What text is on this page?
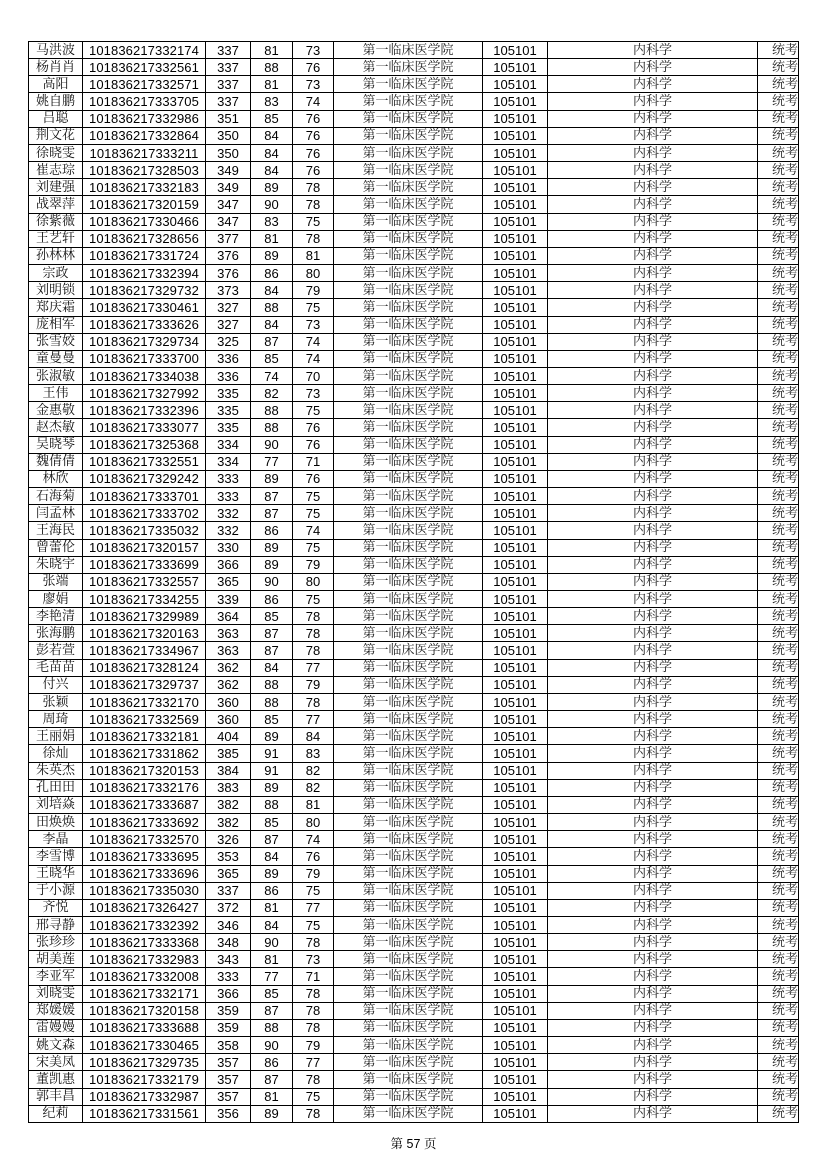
马洪波	101836217332174	337	81	73	第一临床医学院	105101	内科学	统考
杨肖肖	101836217332561	337	88	76	第一临床医学院	105101	内科学	统考
高阳	101836217332571	337	81	73	第一临床医学院	105101	内科学	统考
姚自鹏	101836217333705	337	83	74	第一临床医学院	105101	内科学	统考
吕聪	101836217332986	351	85	76	第一临床医学院	105101	内科学	统考
荆文花	101836217332864	350	84	76	第一临床医学院	105101	内科学	统考
徐晓雯	101836217333211	350	84	76	第一临床医学院	105101	内科学	统考
崔志琮	101836217328503	349	84	76	第一临床医学院	105101	内科学	统考
刘建强	101836217332183	349	89	78	第一临床医学院	105101	内科学	统考
战翠萍	101836217320159	347	90	78	第一临床医学院	105101	内科学	统考
徐紫薇	101836217330466	347	83	75	第一临床医学院	105101	内科学	统考
王艺轩	101836217328656	377	81	78	第一临床医学院	105101	内科学	统考
孙林林	101836217331724	376	89	81	第一临床医学院	105101	内科学	统考
宗政	101836217332394	376	86	80	第一临床医学院	105101	内科学	统考
刘明锁	101836217329732	373	84	79	第一临床医学院	105101	内科学	统考
郑庆霜	101836217330461	327	88	75	第一临床医学院	105101	内科学	统考
庞相军	101836217333626	327	84	73	第一临床医学院	105101	内科学	统考
张雪姣	101836217329734	325	87	74	第一临床医学院	105101	内科学	统考
童曼曼	101836217333700	336	85	74	第一临床医学院	105101	内科学	统考
张淑敏	101836217334038	336	74	70	第一临床医学院	105101	内科学	统考
王伟	101836217327992	335	82	73	第一临床医学院	105101	内科学	统考
金惠敬	101836217332396	335	88	75	第一临床医学院	105101	内科学	统考
赵杰敏	101836217333077	335	88	76	第一临床医学院	105101	内科学	统考
吴晓琴	101836217325368	334	90	76	第一临床医学院	105101	内科学	统考
魏倩倩	101836217332551	334	77	71	第一临床医学院	105101	内科学	统考
林欣	101836217329242	333	89	76	第一临床医学院	105101	内科学	统考
石海菊	101836217333701	333	87	75	第一临床医学院	105101	内科学	统考
闫孟林	101836217333702	332	87	75	第一临床医学院	105101	内科学	统考
王海民	101836217335032	332	86	74	第一临床医学院	105101	内科学	统考
曾蕾伦	101836217320157	330	89	75	第一临床医学院	105101	内科学	统考
朱晓宇	101836217333699	366	89	79	第一临床医学院	105101	内科学	统考
张端	101836217332557	365	90	80	第一临床医学院	105101	内科学	统考
廖娟	101836217334255	339	86	75	第一临床医学院	105101	内科学	统考
李艳清	101836217329989	364	85	78	第一临床医学院	105101	内科学	统考
张海鹏	101836217320163	363	87	78	第一临床医学院	105101	内科学	统考
彭若萱	101836217334967	363	87	78	第一临床医学院	105101	内科学	统考
毛苗苗	101836217328124	362	84	77	第一临床医学院	105101	内科学	统考
付兴	101836217329737	362	88	79	第一临床医学院	105101	内科学	统考
张颖	101836217332170	360	88	78	第一临床医学院	105101	内科学	统考
周琦	101836217332569	360	85	77	第一临床医学院	105101	内科学	统考
王丽娟	101836217332181	404	89	84	第一临床医学院	105101	内科学	统考
徐灿	101836217331862	385	91	83	第一临床医学院	105101	内科学	统考
朱英杰	101836217320153	384	91	82	第一临床医学院	105101	内科学	统考
孔田田	101836217332176	383	89	82	第一临床医学院	105101	内科学	统考
刘培焱	101836217333687	382	88	81	第一临床医学院	105101	内科学	统考
田焕焕	101836217333692	382	85	80	第一临床医学院	105101	内科学	统考
李晶	101836217332570	326	87	74	第一临床医学院	105101	内科学	统考
李雪博	101836217333695	353	84	76	第一临床医学院	105101	内科学	统考
王晓华	101836217333696	365	89	79	第一临床医学院	105101	内科学	统考
于小源	101836217335030	337	86	75	第一临床医学院	105101	内科学	统考
齐悦	101836217326427	372	81	77	第一临床医学院	105101	内科学	统考
邢寻静	101836217332392	346	84	75	第一临床医学院	105101	内科学	统考
张珍珍	101836217333368	348	90	78	第一临床医学院	105101	内科学	统考
胡美莲	101836217332983	343	81	73	第一临床医学院	105101	内科学	统考
李亚军	101836217332008	333	77	71	第一临床医学院	105101	内科学	统考
刘晓雯	101836217332171	366	85	78	第一临床医学院	105101	内科学	统考
郑媛媛	101836217320158	359	87	78	第一临床医学院	105101	内科学	统考
雷嫚嫚	101836217333688	359	88	78	第一临床医学院	105101	内科学	统考
姚文森	101836217330465	358	90	79	第一临床医学院	105101	内科学	统考
宋美凤	101836217329735	357	86	77	第一临床医学院	105101	内科学	统考
董凯惠	101836217332179	357	87	78	第一临床医学院	105101	内科学	统考
郭丰昌	101836217332987	357	81	75	第一临床医学院	105101	内科学	统考
纪莉	101836217331561	356	89	78	第一临床医学院	105101	内科学	统考
第 57 页
